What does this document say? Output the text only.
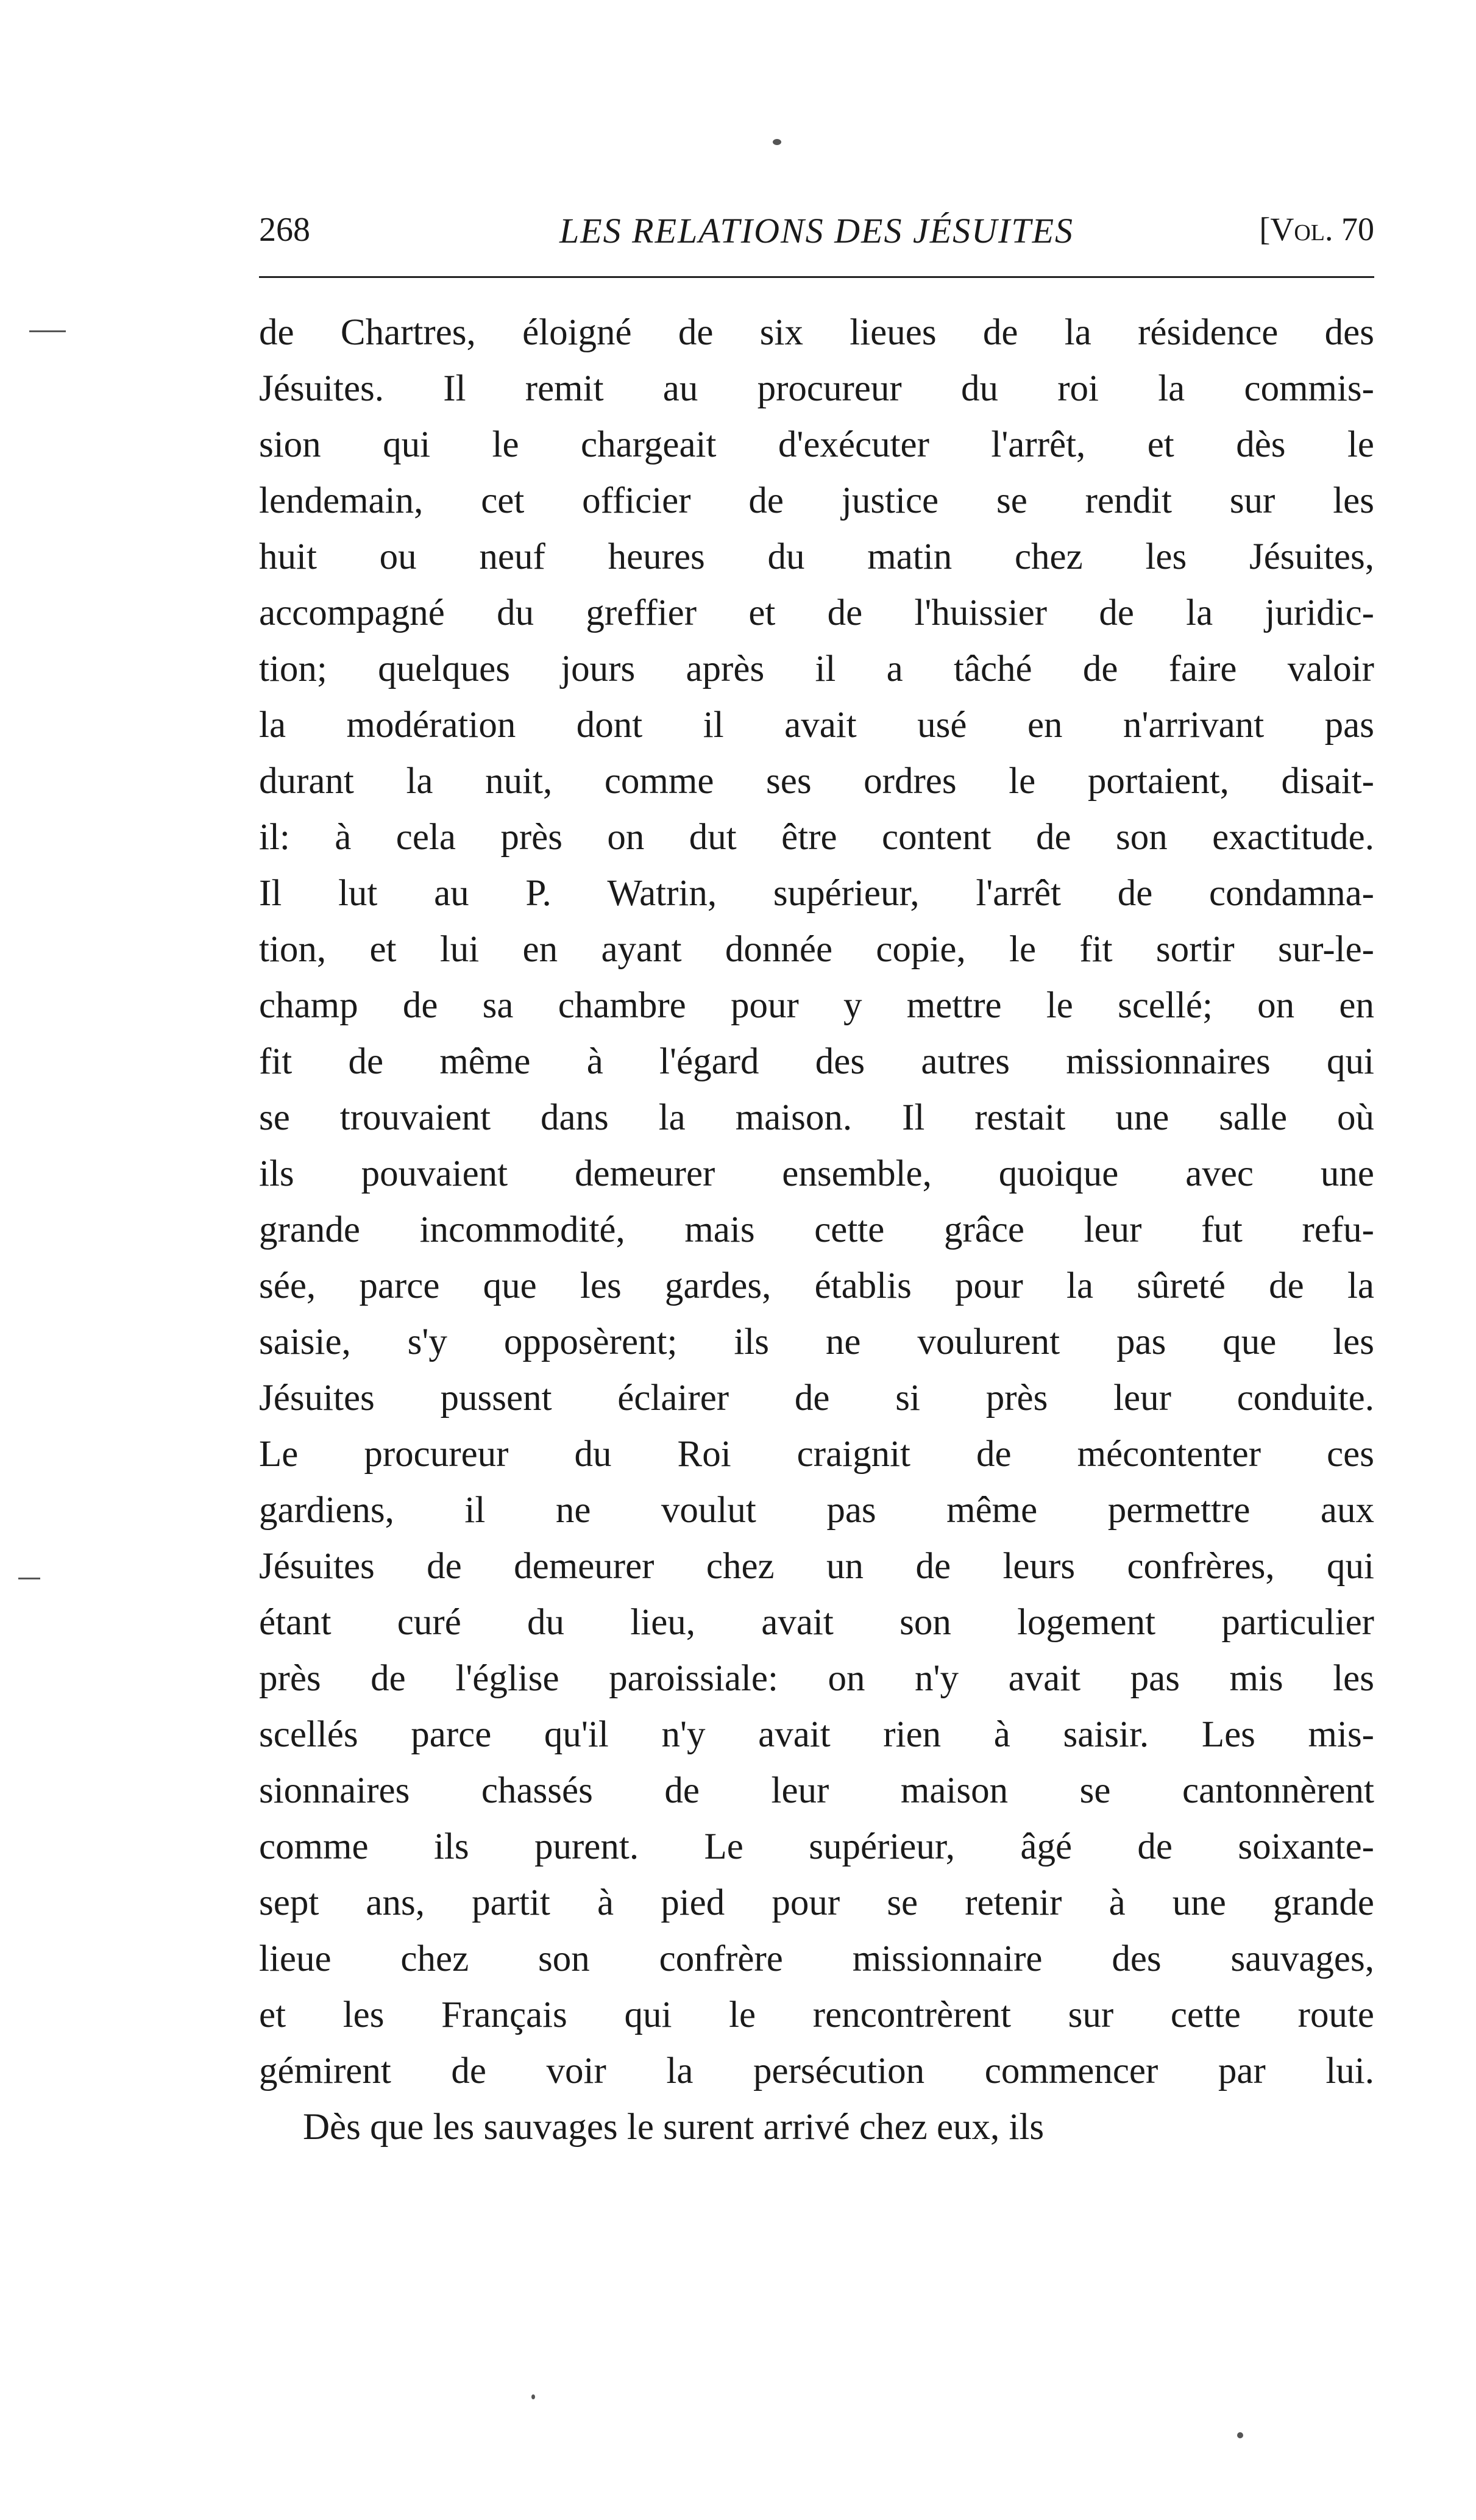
268	LES RELATIONS DES JÉSUITES	[Vol. 70
de Chartres, éloigné de six lieues de la résidence des
Jésuites. Il remit au procureur du roi la commis-
sion qui le chargeait d'exécuter l'arrêt, et dès le
lendemain, cet officier de justice se rendit sur les
huit ou neuf heures du matin chez les Jésuites,
accompagné du greffier et de l'huissier de la juridic-
tion; quelques jours après il a tâché de faire valoir
la modération dont il avait usé en n'arrivant pas
durant la nuit, comme ses ordres le portaient, disait-
il: à cela près on dut être content de son exactitude.
Il lut au P. Watrin, supérieur, l'arrêt de condamna-
tion, et lui en ayant donnée copie, le fit sortir sur-le-
champ de sa chambre pour y mettre le scellé; on en
fit de même à l'égard des autres missionnaires qui
se trouvaient dans la maison. Il restait une salle où
ils pouvaient demeurer ensemble, quoique avec une
grande incommodité, mais cette grâce leur fut refu-
sée, parce que les gardes, établis pour la sûreté de la
saisie, s'y opposèrent; ils ne voulurent pas que les
Jésuites pussent éclairer de si près leur conduite.
Le procureur du Roi craignit de mécontenter ces
gardiens, il ne voulut pas même permettre aux
Jésuites de demeurer chez un de leurs confrères, qui
étant curé du lieu, avait son logement particulier
près de l'église paroissiale: on n'y avait pas mis les
scellés parce qu'il n'y avait rien à saisir. Les mis-
sionnaires chassés de leur maison se cantonnèrent
comme ils purent. Le supérieur, âgé de soixante-
sept ans, partit à pied pour se retenir à une grande
lieue chez son confrère missionnaire des sauvages,
et les Français qui le rencontrèrent sur cette route
gémirent de voir la persécution commencer par lui.
Dès que les sauvages le surent arrivé chez eux, ils
